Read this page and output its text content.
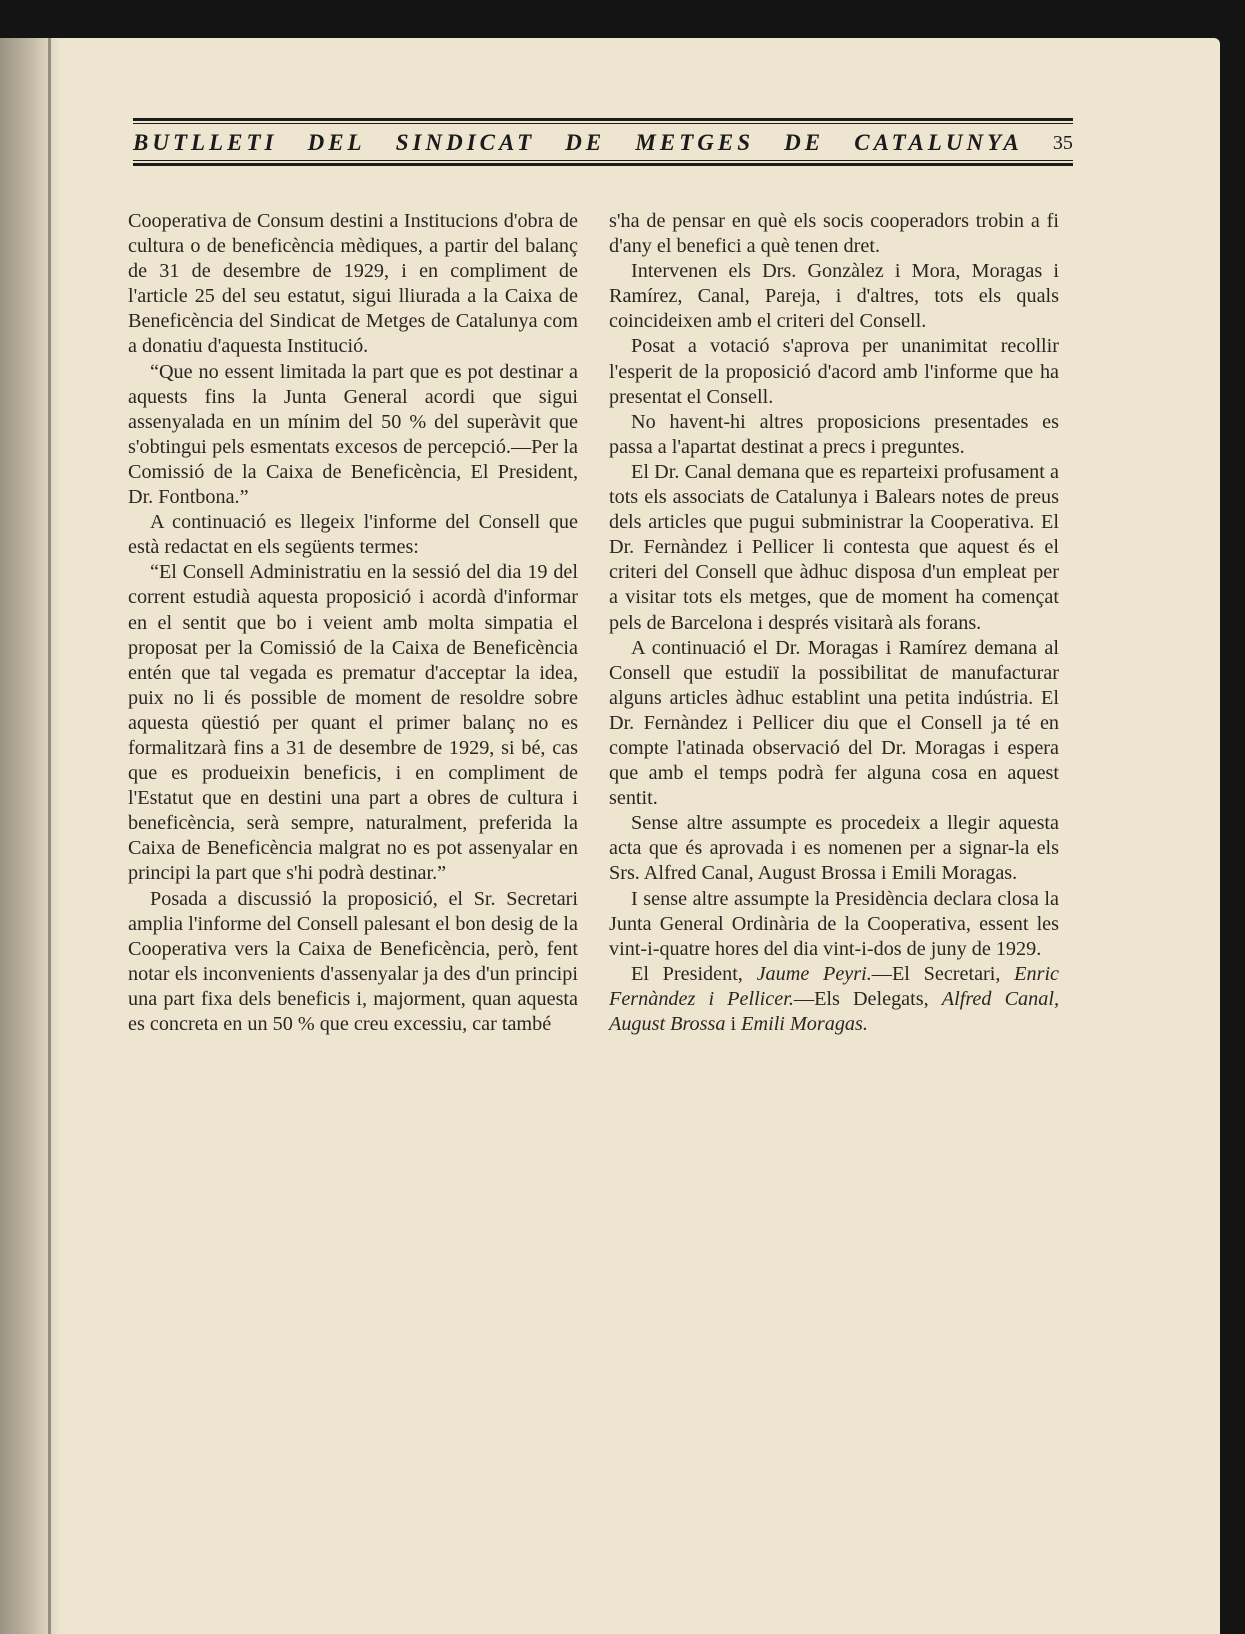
BUTLLETI DEL SINDICAT DE METGES DE CATALUNYA 35

Cooperativa de Consum destini a Institucions d'obra de cultura o de beneficència mèdiques, a partir del balanç de 31 de desembre de 1929, i en compliment de l'article 25 del seu estatut, sigui lliurada a la Caixa de Beneficència del Sindicat de Metges de Catalunya com a donatiu d'aquesta Institució.

“Que no essent limitada la part que es pot destinar a aquests fins la Junta General acordi que sigui assenyalada en un mínim del 50 % del superàvit que s'obtingui pels esmentats excesos de percepció.—Per la Comissió de la Caixa de Beneficència, El President, Dr. Fontbona.”

A continuació es llegeix l'informe del Consell que està redactat en els següents termes:

“El Consell Administratiu en la sessió del dia 19 del corrent estudià aquesta proposició i acordà d'informar en el sentit que bo i veient amb molta simpatia el proposat per la Comissió de la Caixa de Beneficència entén que tal vegada es prematur d'acceptar la idea, puix no li és possible de moment de resoldre sobre aquesta qüestió per quant el primer balanç no es formalitzarà fins a 31 de desembre de 1929, si bé, cas que es produeixin beneficis, i en compliment de l'Estatut que en destini una part a obres de cultura i beneficència, serà sempre, naturalment, preferida la Caixa de Beneficència malgrat no es pot assenyalar en principi la part que s'hi podrà destinar.”

Posada a discussió la proposició, el Sr. Secretari amplia l'informe del Consell palesant el bon desig de la Cooperativa vers la Caixa de Beneficència, però, fent notar els inconvenients d'assenyalar ja des d'un principi una part fixa dels beneficis i, majorment, quan aquesta es concreta en un 50 % que creu excessiu, car també

s'ha de pensar en què els socis cooperadors trobin a fi d'any el benefici a què tenen dret.

Intervenen els Drs. Gonzàlez i Mora, Moragas i Ramírez, Canal, Pareja, i d'altres, tots els quals coincideixen amb el criteri del Consell.

Posat a votació s'aprova per unanimitat recollir l'esperit de la proposició d'acord amb l'informe que ha presentat el Consell.

No havent-hi altres proposicions presentades es passa a l'apartat destinat a precs i preguntes.

El Dr. Canal demana que es reparteixi profusament a tots els associats de Catalunya i Balears notes de preus dels articles que pugui subministrar la Cooperativa. El Dr. Fernàndez i Pellicer li contesta que aquest és el criteri del Consell que àdhuc disposa d'un empleat per a visitar tots els metges, que de moment ha començat pels de Barcelona i després visitarà als forans.

A continuació el Dr. Moragas i Ramírez demana al Consell que estudiï la possibilitat de manufacturar alguns articles àdhuc establint una petita indústria. El Dr. Fernàndez i Pellicer diu que el Consell ja té en compte l'atinada observació del Dr. Moragas i espera que amb el temps podrà fer alguna cosa en aquest sentit.

Sense altre assumpte es procedeix a llegir aquesta acta que és aprovada i es nomenen per a signar-la els Srs. Alfred Canal, August Brossa i Emili Moragas.

I sense altre assumpte la Presidència declara closa la Junta General Ordinària de la Cooperativa, essent les vint-i-quatre hores del dia vint-i-dos de juny de 1929.

El President, Jaume Peyri.—El Secretari, Enric Fernàndez i Pellicer.—Els Delegats, Alfred Canal, August Brossa i Emili Moragas.
